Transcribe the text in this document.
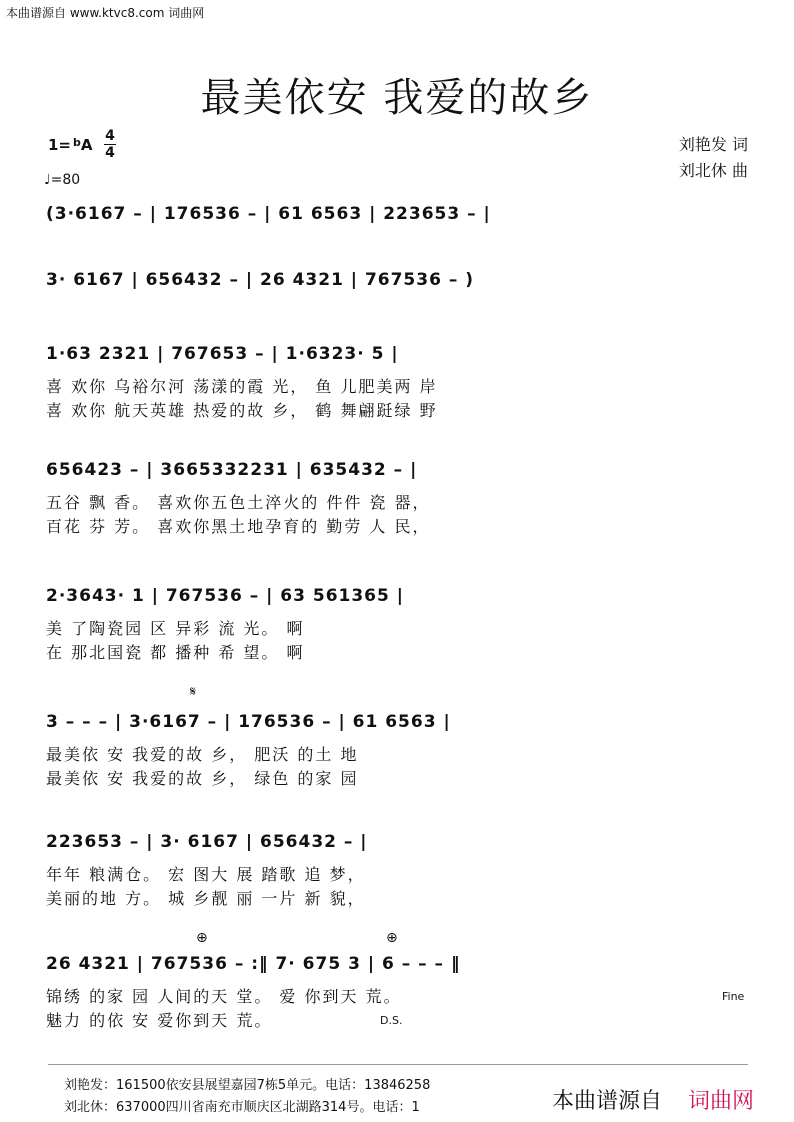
本曲谱源自 www.ktvc8.com 词曲网
最美依安 我爱的故乡
1= $^b$A 4
4
♩=80
刘艳发 词
刘北休 曲
(3·6167 – | 176536 – | 61 6563 | 223653 – |
3· 6167 | 656432 – | 26 4321 | 767536 – )
1·63 2321 | 767653 – | 1·6323· 5 |
喜 欢你 乌裕尔河 荡漾的霞 光， 鱼 儿肥美两 岸
喜 欢你 航天英雄 热爱的故 乡， 鹤 舞翩跹绿 野
656423 – | 3665332231 | 635432 – |
五谷 飘 香。 喜欢你五色土淬火的 件件 瓷 器，
百花 芬 芳。 喜欢你黑土地孕育的 勤劳 人 民，
2·3643· 1 | 767536 – | 63 561365 |
美 了陶瓷园 区 异彩 流 光。 啊
在 那北国瓷 都 播种 希 望。 啊
𝄋
3 – – – | 3·6167 – | 176536 – | 61 6563 |
最美依 安 我爱的故 乡， 肥沃 的土 地
最美依 安 我爱的故 乡， 绿色 的家 园
223653 – | 3· 6167 | 656432 – |
年年 粮满仓。 宏 图大 展 踏歌 追 梦，
美丽的地 方。 城 乡靓 丽 一片 新 貌，
⊕	⊕
26 4321 | 767536 – :‖ 7· 675 3 | 6 – – – ‖
锦绣 的家 园 人间的天 堂。 爱 你到天 荒。
魅力 的依 安 爱你到天 荒。	D.S.
Fine
刘艳发：161500依安县展望嘉园7栋5单元。电话：13846258
刘北休：637000四川省南充市顺庆区北湖路314号。电话：1	本曲谱源自 词曲网
